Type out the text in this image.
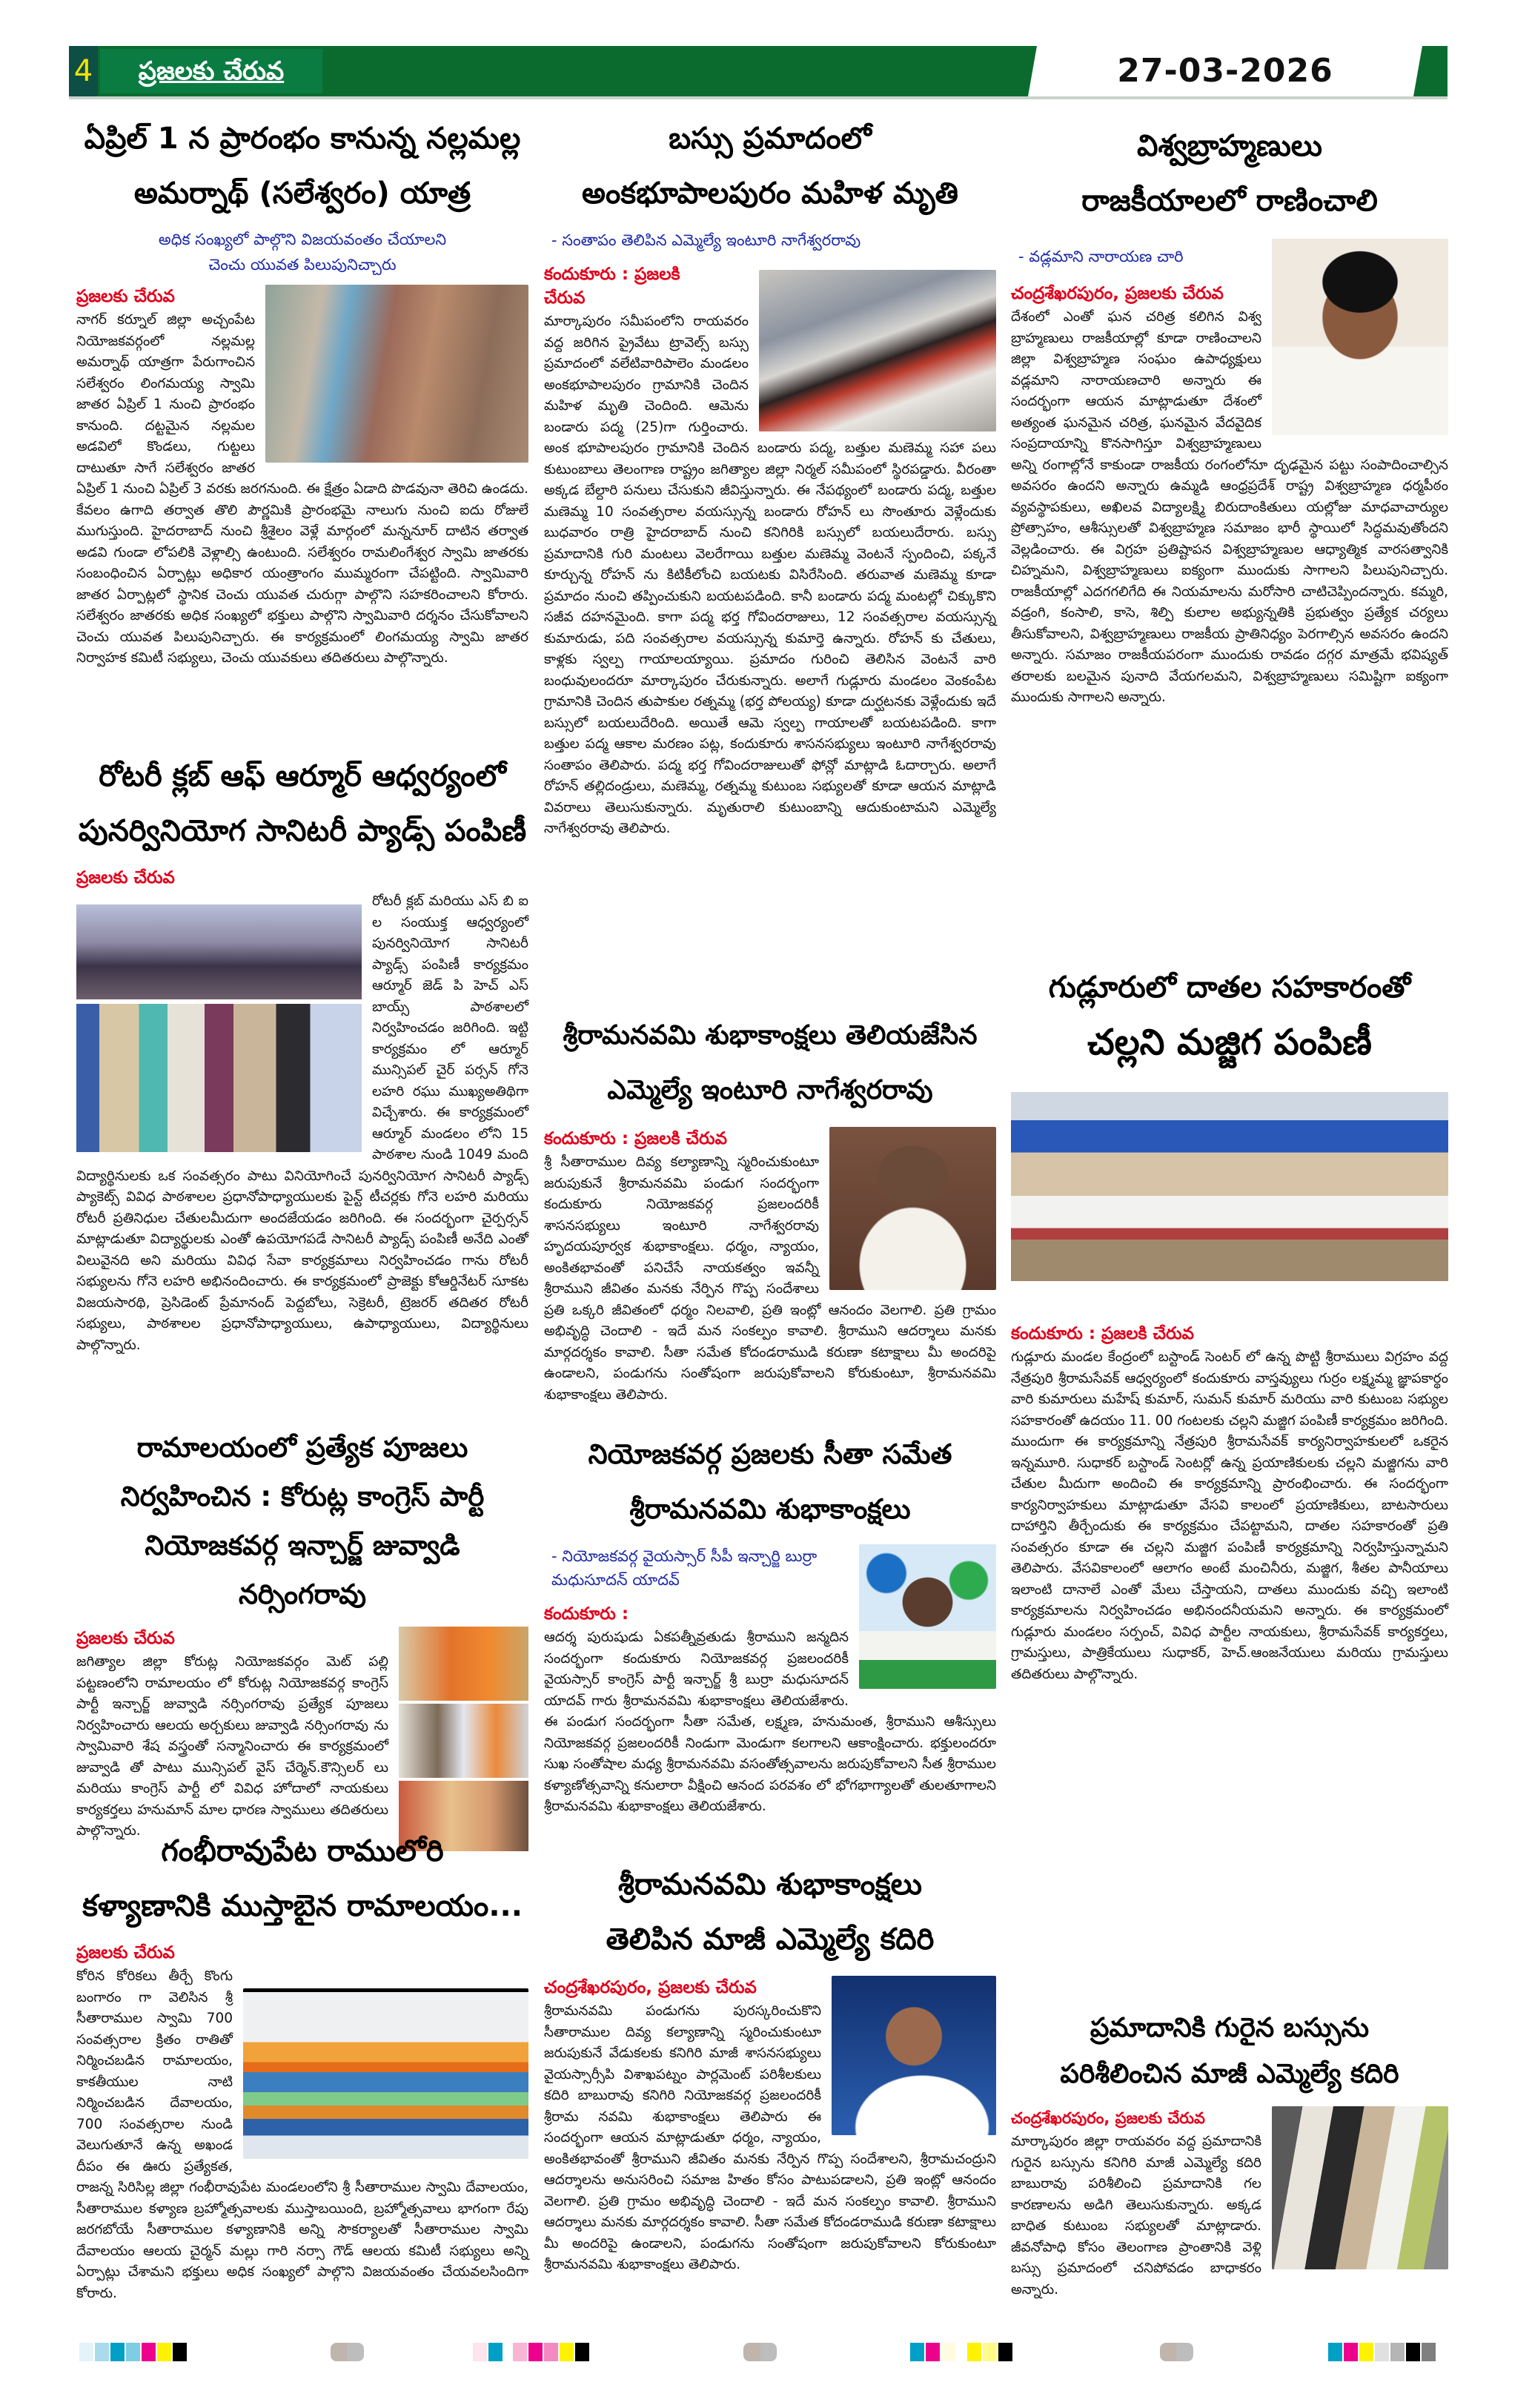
4	ప్రజలకు చేరువ	27-03-2026

ఏప్రిల్ 1 న ప్రారంభం కానున్న నల్లమల్ల

అమర్నాథ్ (సలేశ్వరం) యాత్ర

అధిక సంఖ్యలో పాల్గొని విజయవంతం చేయాలని
చెంచు యువత పిలుపునిచ్చారు

ప్రజలకు చేరువ

నాగర్ కర్నూల్ జిల్లా అచ్చంపేట నియోజకవర్గంలో నల్లమల్ల అమర్నాథ్ యాత్రగా పేరుగాంచిన సలేశ్వరం లింగమయ్య స్వామి జాతర ఏప్రిల్ 1 నుంచి ప్రారంభం కానుంది. దట్టమైన నల్లమల అడవిలో కొండలు, గుట్టలు దాటుతూ సాగే సలేశ్వరం జాతర ఏప్రిల్ 1 నుంచి ఏప్రిల్ 3 వరకు జరగనుంది. ఈ క్షేత్రం ఏడాది పొడవునా తెరిచి ఉండదు. కేవలం ఉగాది తర్వాత తొలి పౌర్ణమికి ప్రారంభమై నాలుగు నుంచి ఐదు రోజులే ముగుస్తుంది. హైదరాబాద్ నుంచి శ్రీశైలం వెళ్లే మార్గంలో మన్ననూర్ దాటిన తర్వాత అడవి గుండా లోపలికి వెళ్లాల్సి ఉంటుంది. సలేశ్వరం రామలింగేశ్వర స్వామి జాతరకు సంబంధించిన ఏర్పాట్లు అధికార యంత్రాంగం ముమ్మరంగా చేపట్టింది. స్వామివారి జాతర ఏర్పాట్లలో స్థానిక చెంచు యువత చురుగ్గా పాల్గొని సహకరించాలని కోరారు. సలేశ్వరం జాతరకు అధిక సంఖ్యలో భక్తులు పాల్గొని స్వామివారి దర్శనం చేసుకోవాలని చెంచు యువత పిలుపునిచ్చారు. ఈ కార్యక్రమంలో లింగమయ్య స్వామి జాతర నిర్వాహక కమిటీ సభ్యులు, చెంచు యువకులు తదితరులు పాల్గొన్నారు.

రోటరీ క్లబ్ ఆఫ్ ఆర్మూర్ ఆధ్వర్యంలో

పునర్వినియోగ సానిటరీ ప్యాడ్స్ పంపిణీ

ప్రజలకు చేరువ

రోటరీ క్లబ్ మరియు ఎస్ బి ఐ ల సంయుక్త ఆధ్వర్యంలో పునర్వినియోగ సానిటరీ ప్యాడ్స్ పంపిణీ కార్యక్రమం ఆర్మూర్ జెడ్ పి హెచ్ ఎస్ బాయ్స్ పాఠశాలలో నిర్వహించడం జరిగింది. ఇట్టి కార్యక్రమం లో ఆర్మూర్ మున్సిపల్ చైర్ పర్సన్ గోనె లహరి రఘు ముఖ్యఅతిథిగా విచ్చేశారు. ఈ కార్యక్రమంలో ఆర్మూర్ మండలం లోని 15 పాఠశాల నుండి 1049 మంది విద్యార్థినులకు ఒక సంవత్సరం పాటు వినియోగించే పునర్వినియోగ సానిటరీ ప్యాడ్స్ ప్యాకెట్స్ వివిధ పాఠశాలల ప్రధానోపాధ్యాయులకు పైన్ట్ టీచర్లకు గోనె లహరి మరియు రోటరీ ప్రతినిధుల చేతులమీదుగా అందజేయడం జరిగింది. ఈ సందర్భంగా చైర్పర్సన్ మాట్లాడుతూ విద్యార్థులకు ఎంతో ఉపయోగపడే సానిటరీ ప్యాడ్స్ పంపిణీ అనేది ఎంతో విలువైనది అని మరియు వివిధ సేవా కార్యక్రమాలు నిర్వహించడం గాను రోటరీ సభ్యులను గోనె లహరి అభినందించారు. ఈ కార్యక్రమంలో ప్రాజెక్టు కోఆర్డినేటర్ సూకట విజయసారథి, ప్రెసిడెంట్ ప్రేమానంద్ పెద్దబోలు, సెక్రెటరీ, ట్రెజరర్ తదితర రోటరీ సభ్యులు, పాఠశాలల ప్రధానోపాధ్యాయులు, ఉపాధ్యాయులు, విద్యార్థినులు పాల్గొన్నారు.

రామాలయంలో ప్రత్యేక పూజలు

నిర్వహించిన : కోరుట్ల కాంగ్రెస్ పార్టీ

నియోజకవర్గ ఇన్చార్జ్ జువ్వాడి నర్సింగరావు

ప్రజలకు చేరువ

జగిత్యాల జిల్లా కోరుట్ల నియోజకవర్గం మెట్ పల్లి పట్టణంలోని రామాలయం లో కోరుట్ల నియోజకవర్గ కాంగ్రెస్ పార్టీ ఇన్చార్జ్ జువ్వాడి నర్సింగరావు ప్రత్యేక పూజలు నిర్వహించారు ఆలయ అర్చకులు జువ్వాడి నర్సింగరావు ను స్వామివారి శేష వస్త్రంతో సన్మానించారు ఈ కార్యక్రమంలో జువ్వాడి తో పాటు మున్సిపల్ వైస్ చేర్మెన్.కౌన్సిలర్ లు మరియు కాంగ్రెస్ పార్టీ లో వివిధ హోదాలో నాయకులు కార్యకర్తలు హనుమాన్ మాల ధారణ స్వాములు తదితరులు పాల్గొన్నారు.

గంభీరావుపేట రాములోరి

కళ్యాణానికి ముస్తాబైన రామాలయం...

ప్రజలకు చేరువ

కోరిన కోరికలు తీర్చే కొంగు బంగారం గా వెలిసిన శ్రీ సీతారాముల స్వామి 700 సంవత్సరాల క్రితం రాతితో నిర్మించబడిన రామాలయం, కాకతీయుల నాటి నిర్మించబడిన దేవాలయం, 700 సంవత్సరాల నుండి వెలుగుతూనే ఉన్న అఖండ దీపం ఈ ఊరు ప్రత్యేకత, రాజన్న సిరిసిల్ల జిల్లా గంభీరావుపేట మండలంలోని శ్రీ సీతారాముల స్వామి దేవాలయం, సీతారాముల కళ్యాణ బ్రహ్మోత్సవాలకు ముస్తాబయింది, బ్రహ్మోత్సవాలు భాగంగా రేపు జరగబోయే సీతారాముల కళ్యాణానికి అన్ని సౌకర్యాలతో సీతారాముల స్వామి దేవాలయం ఆలయ చైర్మన్ మల్లు గారి నర్సా గౌడ్ ఆలయ కమిటీ సభ్యులు అన్ని ఏర్పాట్లు చేశామని భక్తులు అధిక సంఖ్యలో పాల్గొని విజయవంతం చేయవలసిందిగా కోరారు.

బస్సు ప్రమాదంలో

అంకభూపాలపురం మహిళ మృతి

- సంతాపం తెలిపిన ఎమ్మెల్యే ఇంటూరి నాగేశ్వరరావు

కందుకూరు : ప్రజలకి చేరువ

మార్కాపురం సమీపంలోని రాయవరం వద్ద జరిగిన ప్రైవేటు ట్రావెల్స్ బస్సు ప్రమాదంలో వలేటివారిపాలెం మండలం అంకభూపాలపురం గ్రామానికి చెందిన మహిళ మృతి చెందింది. ఆమెను బండారు పద్మ (25)గా గుర్తించారు. అంక భూపాలపురం గ్రామానికి చెందిన బండారు పద్మ, బత్తుల మణెమ్మ సహా పలు కుటుంబాలు తెలంగాణ రాష్ట్రం జగిత్యాల జిల్లా నిర్మల్ సమీపంలో స్థిరపడ్డారు. వీరంతా అక్కడ బేల్దారి పనులు చేసుకుని జీవిస్తున్నారు. ఈ నేపథ్యంలో బండారు పద్మ, బత్తుల మణెమ్మ 10 సంవత్సరాల వయస్సున్న బండారు రోహన్ లు సొంతూరు వెళ్లేందుకు బుధవారం రాత్రి హైదరాబాద్ నుంచి కనిగిరికి బస్సులో బయలుదేరారు. బస్సు ప్రమాదానికి గురి మంటలు వెలరేగాయి బత్తుల మణెమ్మ వెంటనే స్పందించి, పక్కనే కూర్చున్న రోహన్ ను కిటికీలోంచి బయటకు విసిరేసింది. తరువాత మణెమ్మ కూడా ప్రమాదం నుంచి తప్పించుకుని బయటపడింది. కానీ బండారు పద్మ మంటల్లో చిక్కుకొని సజీవ దహనమైంది. కాగా పద్మ భర్త గోవిందరాజులు, 12 సంవత్సరాల వయస్సున్న కుమారుడు, పది సంవత్సరాల వయస్సున్న కుమార్తె ఉన్నారు. రోహన్ కు చేతులు, కాళ్లకు స్వల్ప గాయాలయ్యాయి. ప్రమాదం గురించి తెలిసిన వెంటనే వారి బంధువులందరూ మార్కాపురం చేరుకున్నారు. అలాగే గుడ్లూరు మండలం వెంకంపేట గ్రామానికి చెందిన తుపాకుల రత్నమ్మ (భర్త పోలయ్య) కూడా దుర్ఘటనకు వెళ్లేందుకు ఇదే బస్సులో బయలుదేరింది. అయితే ఆమె స్వల్ప గాయాలతో బయటపడింది. కాగా బత్తుల పద్మ ఆకాల మరణం పట్ల, కందుకూరు శాసనసభ్యులు ఇంటూరి నాగేశ్వరరావు సంతాపం తెలిపారు. పద్మ భర్త గోవిందరాజులుతో ఫోన్లో మాట్లాడి ఓదార్చారు. అలాగే రోహన్ తల్లిదండ్రులు, మణెమ్మ, రత్నమ్మ కుటుంబ సభ్యులతో కూడా ఆయన మాట్లాడి వివరాలు తెలుసుకున్నారు. మృతురాలి కుటుంబాన్ని ఆదుకుంటామని ఎమ్మెల్యే నాగేశ్వరరావు తెలిపారు.

శ్రీరామనవమి శుభాకాంక్షలు తెలియజేసిన

ఎమ్మెల్యే ఇంటూరి నాగేశ్వరరావు

కందుకూరు : ప్రజలకి చేరువ

శ్రీ సీతారాముల దివ్య కల్యాణాన్ని స్మరించుకుంటూ జరుపుకునే శ్రీరామనవమి పండుగ సందర్భంగా కందుకూరు నియోజకవర్గ ప్రజలందరికీ శాసనసభ్యులు ఇంటూరి నాగేశ్వరరావు హృదయపూర్వక శుభాకాంక్షలు. ధర్మం, న్యాయం, అంకితభావంతో పనిచేసే నాయకత్వం ఇవన్నీ శ్రీరాముని జీవితం మనకు నేర్పిన గొప్ప సందేశాలు ప్రతి ఒక్కరి జీవితంలో ధర్మం నిలవాలి, ప్రతి ఇంట్లో ఆనందం వెలగాలి. ప్రతి గ్రామం అభివృద్ధి చెందాలి - ఇదే మన సంకల్పం కావాలి. శ్రీరాముని ఆదర్శాలు మనకు మార్గదర్శకం కావాలి. సీతా సమేత కోదండరాముడి కరుణా కటాక్షాలు మీ అందరిపై ఉండాలని, పండుగను సంతోషంగా జరుపుకోవాలని కోరుకుంటూ, శ్రీరామనవమి శుభాకాంక్షలు తెలిపారు.

నియోజకవర్గ ప్రజలకు సీతా సమేత

శ్రీరామనవమి శుభాకాంక్షలు

- నియోజకవర్గ వైయస్సార్ సీపీ ఇన్చార్జి బుర్రా మధుసూదన్ యాదవ్

కందుకూరు :

ఆదర్శ పురుషుడు ఏకపత్నీవ్రతుడు శ్రీరాముని జన్మదిన సందర్భంగా కందుకూరు నియోజకవర్గ ప్రజలందరికీ వైయస్సార్ కాంగ్రెస్ పార్టీ ఇన్చార్జ్ శ్రీ బుర్రా మధుసూదన్ యాదవ్ గారు శ్రీరామనవమి శుభాకాంక్షలు తెలియజేశారు. ఈ పండుగ సందర్భంగా సీతా సమేత, లక్ష్మణ, హనుమంత, శ్రీరాముని ఆశీస్సులు నియోజకవర్గ ప్రజలందరికీ నిండుగా మెండుగా కలగాలని ఆకాంక్షించారు. భక్తులందరూ సుఖ సంతోషాల మధ్య శ్రీరామనవమి వసంతోత్సవాలను జరుపుకోవాలని సీత శ్రీరాముల కళ్యాణోత్సవాన్ని కనులారా వీక్షించి ఆనంద పరవశం లో భోగభాగ్యాలతో తులతూగాలని శ్రీరామనవమి శుభాకాంక్షలు తెలియజేశారు.

శ్రీరామనవమి శుభాకాంక్షలు

తెలిపిన మాజీ ఎమ్మెల్యే కదిరి

చంద్రశేఖరపురం, ప్రజలకు చేరువ

శ్రీరామనవమి పండుగను పురస్కరించుకొని సీతారాముల దివ్య కల్యాణాన్ని స్మరించుకుంటూ జరుపుకునే వేడుకలకు కనిగిరి మాజీ శాసనసభ్యులు వైయస్సార్సీపి విశాఖపట్నం పార్లమెంట్ పరిశీలకులు కదిరి బాబురావు కనిగిరి నియోజకవర్గ ప్రజలందరికీ శ్రీరామ నవమి శుభాకాంక్షలు తెలిపారు ఈ సందర్భంగా ఆయన మాట్లాడుతూ ధర్మం, న్యాయం, అంకితభావంతో శ్రీరాముని జీవితం మనకు నేర్పిన గొప్ప సందేశాలని, శ్రీరామచంద్రుని ఆదర్శాలను అనుసరించి సమాజ హితం కోసం పాటుపడాలని, ప్రతి ఇంట్లో ఆనందం వెలగాలి. ప్రతి గ్రామం అభివృద్ధి చెందాలి - ఇదే మన సంకల్పం కావాలి. శ్రీరాముని ఆదర్శాలు మనకు మార్గదర్శకం కావాలి. సీతా సమేత కోదండరాముడి కరుణా కటాక్షాలు మీ అందరిపై ఉండాలని, పండుగను సంతోషంగా జరుపుకోవాలని కోరుకుంటూ శ్రీరామనవమి శుభాకాంక్షలు తెలిపారు.

విశ్వబ్రాహ్మణులు

రాజకీయాలలో రాణించాలి

- వడ్లమాని నారాయణ చారి

చంద్రశేఖరపురం, ప్రజలకు చేరువ

దేశంలో ఎంతో ఘన చరిత్ర కలిగిన విశ్వ బ్రాహ్మణులు రాజకీయాల్లో కూడా రాణించాలని జిల్లా విశ్వబ్రాహ్మణ సంఘం ఉపాధ్యక్షులు వడ్లమాని నారాయణచారి అన్నారు ఈ సందర్భంగా ఆయన మాట్లాడుతూ దేశంలో అత్యంత ఘనమైన చరిత్ర, ఘనమైన వేదవైదిక సంప్రదాయాన్ని కొనసాగిస్తూ విశ్వబ్రాహ్మణులు అన్ని రంగాల్లోనే కాకుండా రాజకీయ రంగంలోనూ దృఢమైన పట్టు సంపాదించాల్సిన అవసరం ఉందని అన్నారు ఉమ్మడి ఆంధ్రప్రదేశ్ రాష్ట్ర విశ్వబ్రాహ్మణ ధర్మపీఠం వ్యవస్థాపకులు, అఖిలవ విద్యాలక్ష్మి బిరుదాంకితులు యల్లోజు మాధవాచార్యుల ప్రోత్సాహం, ఆశీస్సులతో విశ్వబ్రాహ్మణ సమాజం భారీ స్థాయిలో సిద్ధమవుతోందని వెల్లడించారు. ఈ విగ్రహ ప్రతిష్టాపన విశ్వబ్రాహ్మణుల ఆధ్యాత్మిక వారసత్వానికి చిహ్నమని, విశ్వబ్రాహ్మణులు ఐక్యంగా ముందుకు సాగాలని పిలుపునిచ్చారు. రాజకీయాల్లో ఎదగగలిగేది ఈ నియమాలను మరోసారి చాటిచెప్పిందన్నారు. కమ్మరి, వడ్రంగి, కంసాలి, కాసె, శిల్పి కులాల అభ్యున్నతికి ప్రభుత్వం ప్రత్యేక చర్యలు తీసుకోవాలని, విశ్వబ్రాహ్మణులు రాజకీయ ప్రాతినిధ్యం పెరగాల్సిన అవసరం ఉందని అన్నారు. సమాజం రాజకీయపరంగా ముందుకు రావడం దగ్గర మాత్రమే భవిష్యత్ తరాలకు బలమైన పునాది వేయగలమని, విశ్వబ్రాహ్మణులు సమిష్టిగా ఐక్యంగా ముందుకు సాగాలని అన్నారు.

గుడ్లూరులో దాతల సహకారంతో

చల్లని మజ్జిగ పంపిణీ

కందుకూరు : ప్రజలకి చేరువ

గుడ్లూరు మండల కేంద్రంలో బస్టాండ్ సెంటర్ లో ఉన్న పొట్టి శ్రీరాములు విగ్రహం వద్ద నేత్రపురి శ్రీరామసేవక్ ఆధ్వర్యంలో కందుకూరు వాస్తవ్యులు గుర్రం లక్ష్మమ్మ జ్ఞాపకార్థం వారి కుమారులు మహేష్ కుమార్, సుమన్ కుమార్ మరియు వారి కుటుంబ సభ్యుల సహకారంతో ఉదయం 11. 00 గంటలకు చల్లని మజ్జిగ పంపిణీ కార్యక్రమం జరిగింది. ముందుగా ఈ కార్యక్రమాన్ని నేత్రపురి శ్రీరామసేవక్ కార్యనిర్వాహకులలో ఒకరైన ఇన్నమూరి. సుధాకర్ బస్టాండ్ సెంటర్లో ఉన్న ప్రయాణికులకు చల్లని మజ్జిగను వారి చేతుల మీదుగా అందించి ఈ కార్యక్రమాన్ని ప్రారంభించారు. ఈ సందర్భంగా కార్యనిర్వాహకులు మాట్లాడుతూ వేసవి కాలంలో ప్రయాణికులు, బాటసారులు దాహార్తిని తీర్చేందుకు ఈ కార్యక్రమం చేపట్టామని, దాతల సహకారంతో ప్రతి సంవత్సరం కూడా ఈ చల్లని మజ్జిగ పంపిణీ కార్యక్రమాన్ని నిర్వహిస్తున్నామని తెలిపారు. వేసవికాలంలో ఆలాగం అంటే మంచినీరు, మజ్జిగ, శీతల పానీయాలు ఇలాంటి దానాలే ఎంతో మేలు చేస్తాయని, దాతలు ముందుకు వచ్చి ఇలాంటి కార్యక్రమాలను నిర్వహించడం అభినందనీయమని అన్నారు. ఈ కార్యక్రమంలో గుడ్లూరు మండలం సర్పంచ్, వివిధ పార్టీల నాయకులు, శ్రీరామసేవక్ కార్యకర్తలు, గ్రామస్తులు, పాత్రికేయులు సుధాకర్, హెచ్.ఆంజనేయులు మరియు గ్రామస్తులు తదితరులు పాల్గొన్నారు.

ప్రమాదానికి గురైన బస్సును

పరిశీలించిన మాజీ ఎమ్మెల్యే కదిరి

చంద్రశేఖరపురం, ప్రజలకు చేరువ

మార్కాపురం జిల్లా రాయవరం వద్ద ప్రమాదానికి గురైన బస్సును కనిగిరి మాజీ ఎమ్మెల్యే కదిరి బాబురావు పరిశీలించి ప్రమాదానికి గల కారణాలను అడిగి తెలుసుకున్నారు. అక్కడ బాధిత కుటుంబ సభ్యులతో మాట్లాడారు. జీవనోపాధి కోసం తెలంగాణ ప్రాంతానికి వెళ్లి బస్సు ప్రమాదంలో చనిపోవడం బాధాకరం అన్నారు.
